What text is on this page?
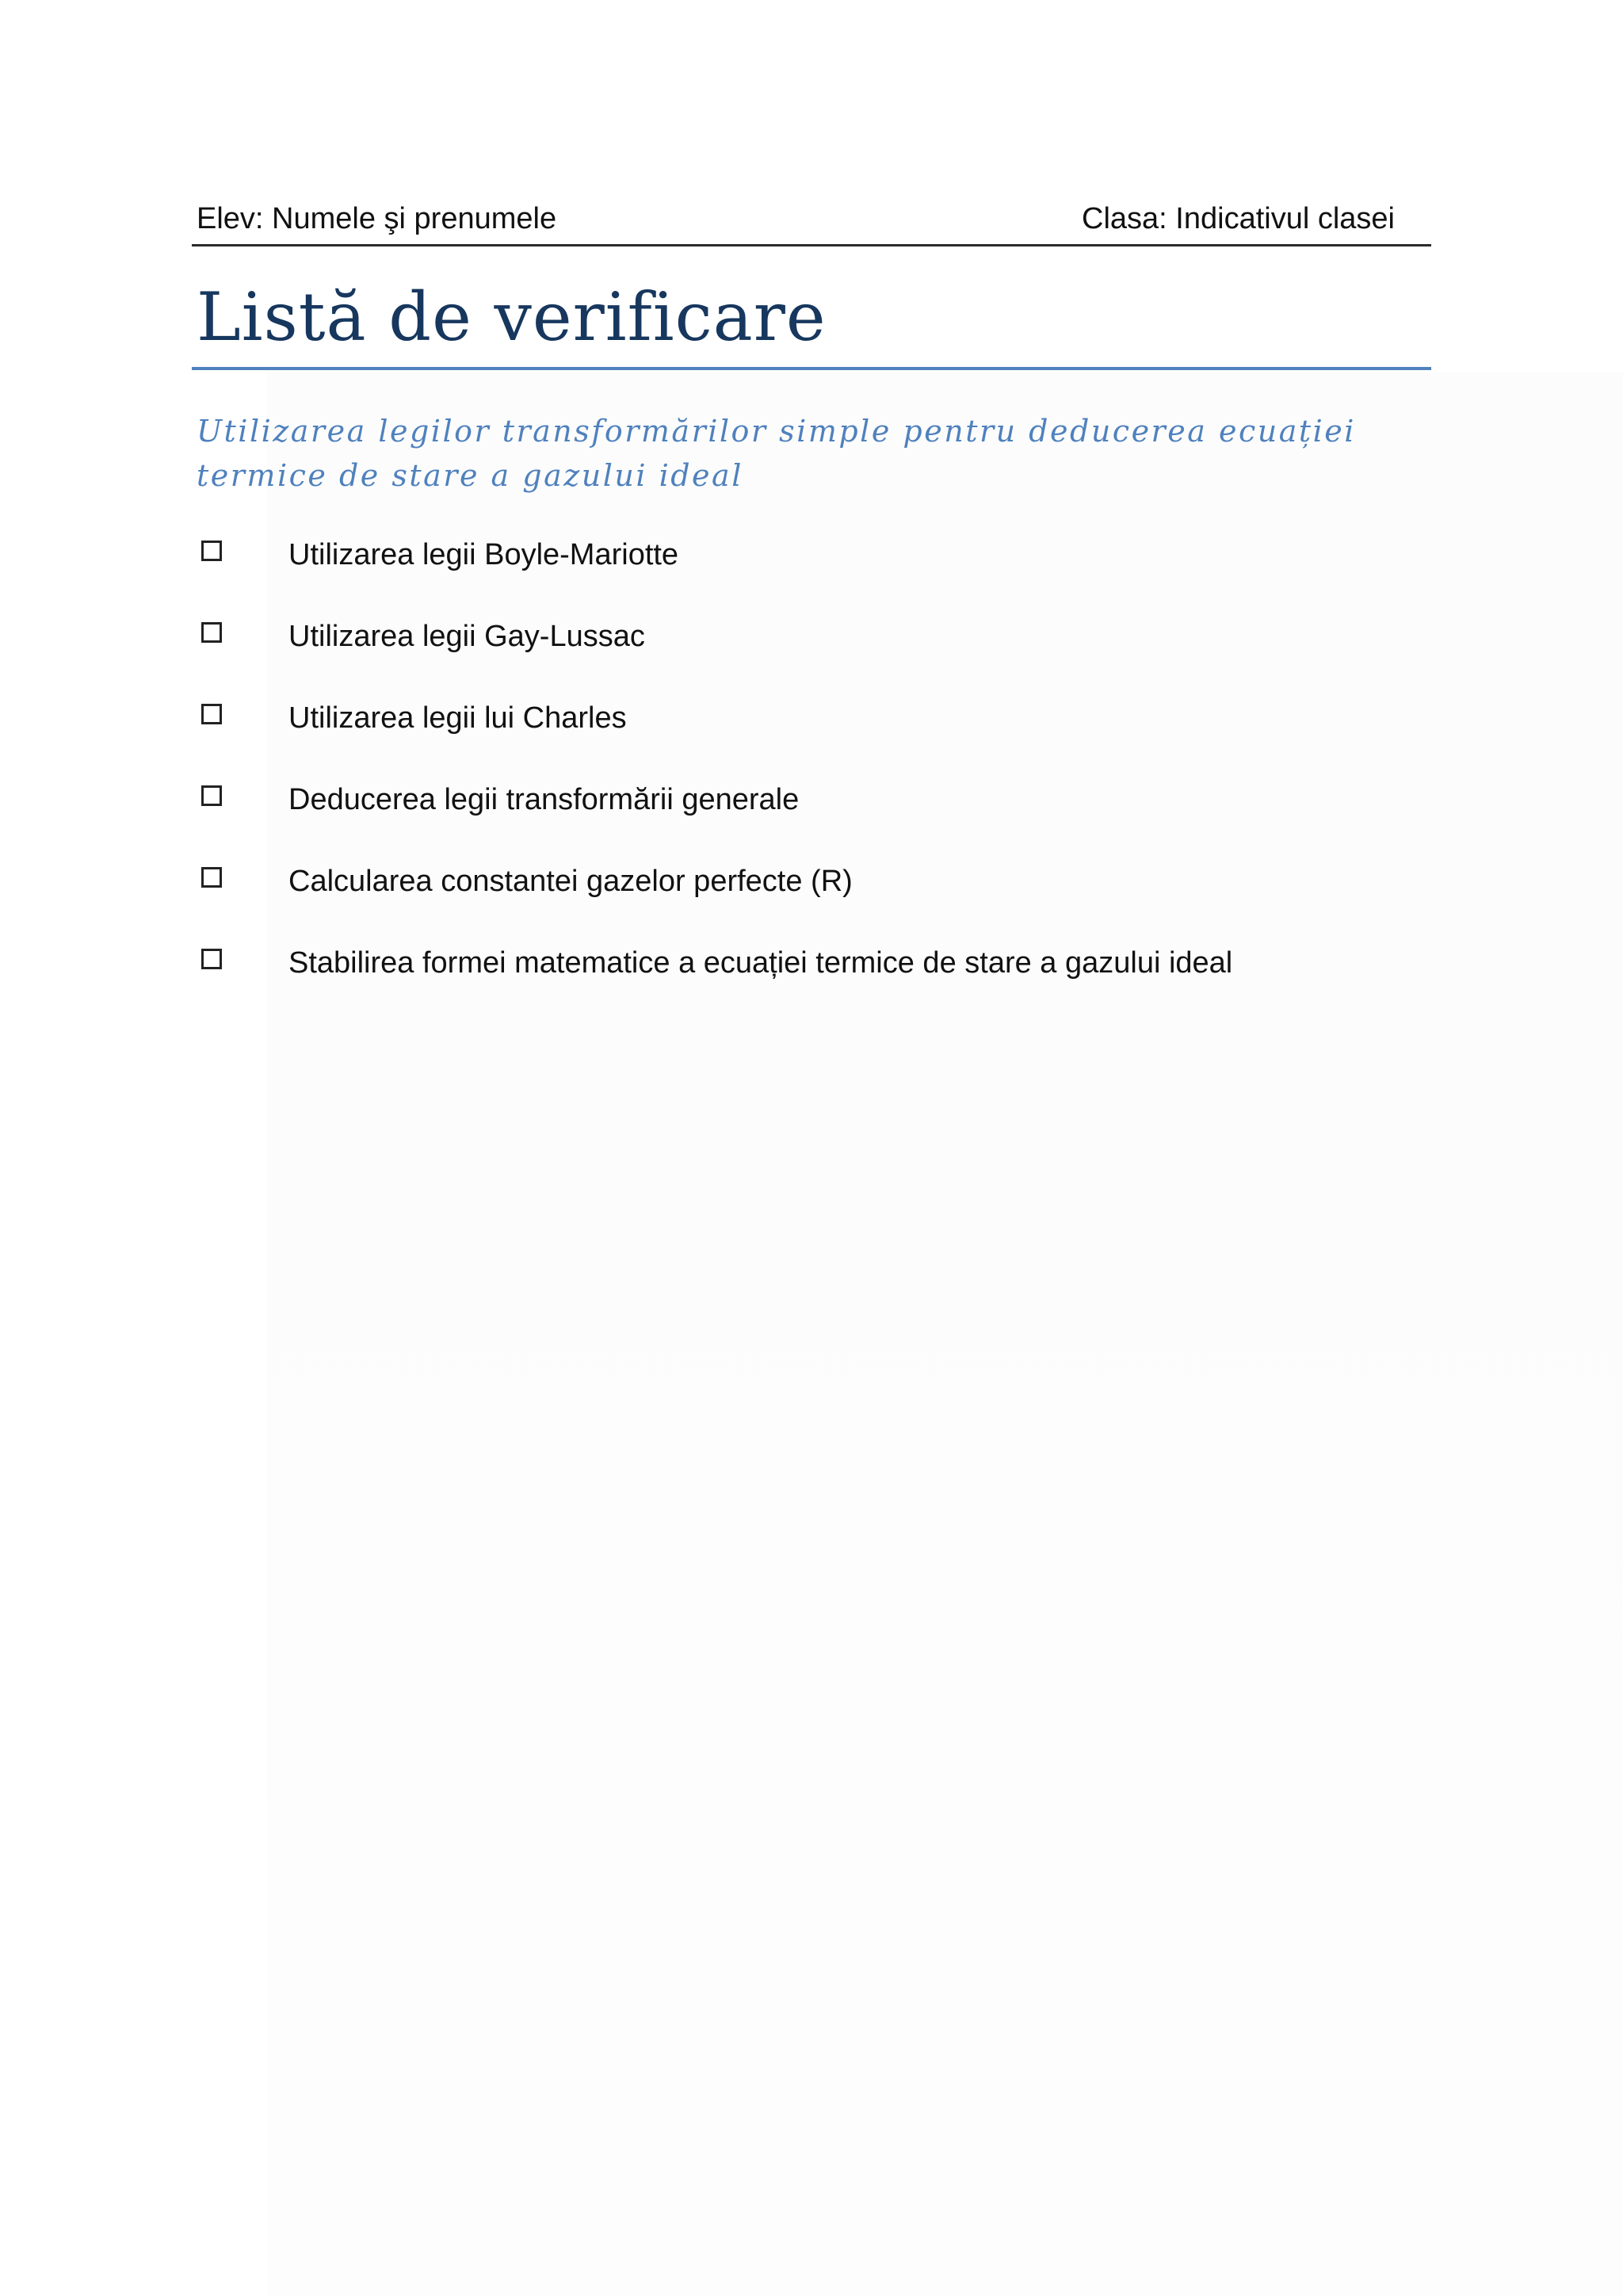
Elev: Numele şi prenumele	Clasa: Indicativul clasei
Listă de verificare
Utilizarea legilor transformărilor simple pentru deducerea ecuației termice de stare a gazului ideal
Utilizarea legii Boyle-Mariotte
Utilizarea legii Gay-Lussac
Utilizarea legii lui Charles
Deducerea legii transformării generale
Calcularea constantei gazelor perfecte (R)
Stabilirea formei matematice a ecuației termice de stare a gazului ideal
